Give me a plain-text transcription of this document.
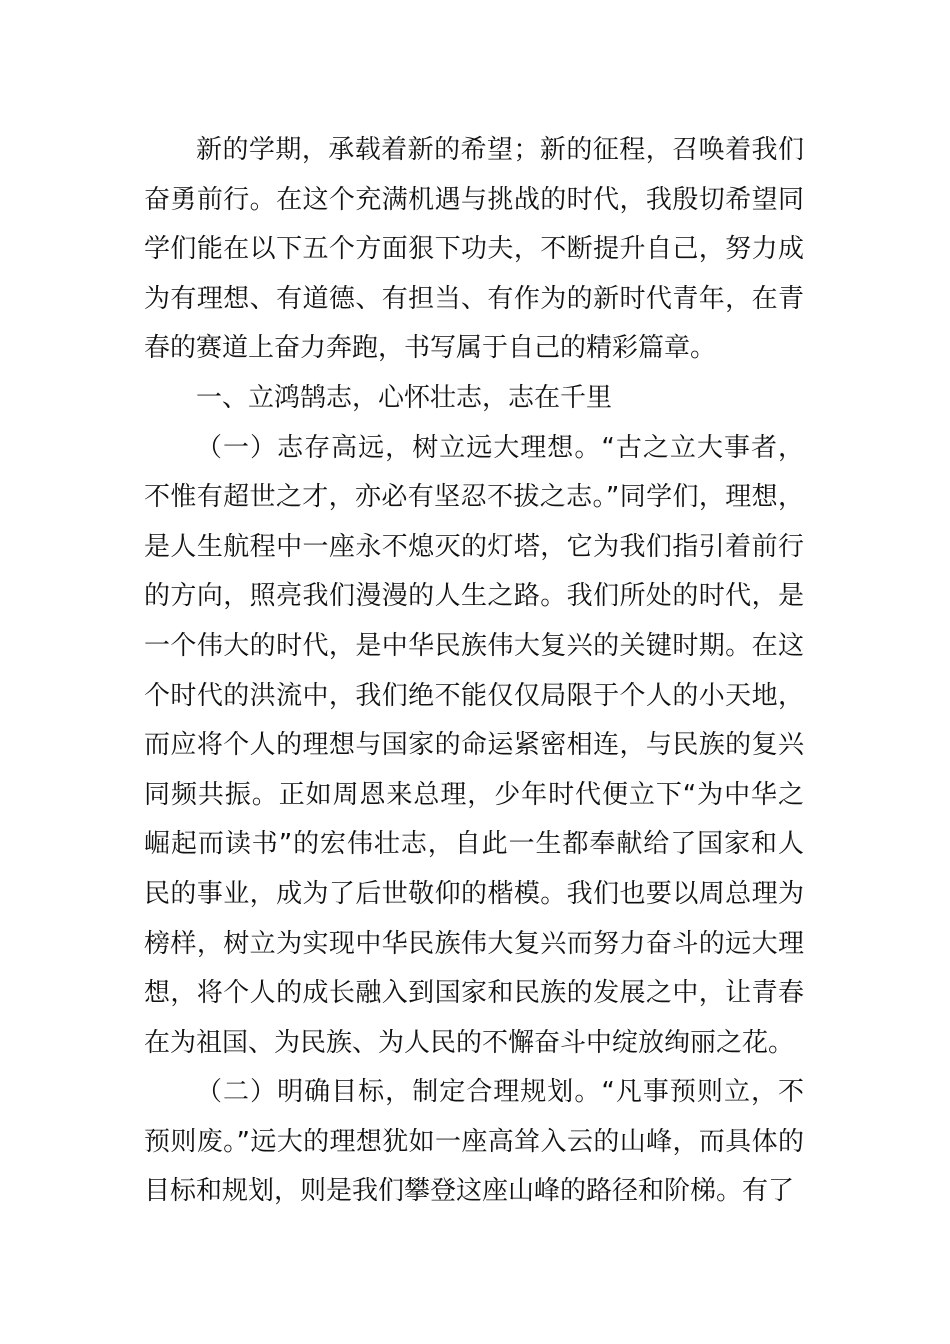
新的学期，承载着新的希望；新的征程，召唤着我们奋勇前行。在这个充满机遇与挑战的时代，我殷切希望同学们能在以下五个方面狠下功夫，不断提升自己，努力成为有理想、有道德、有担当、有作为的新时代青年，在青春的赛道上奋力奔跑，书写属于自己的精彩篇章。

一、立鸿鹄志，心怀壮志，志在千里

（一）志存高远，树立远大理想。“古之立大事者，不惟有超世之才，亦必有坚忍不拔之志。”同学们，理想，是人生航程中一座永不熄灭的灯塔，它为我们指引着前行的方向，照亮我们漫漫的人生之路。我们所处的时代，是一个伟大的时代，是中华民族伟大复兴的关键时期。在这个时代的洪流中，我们绝不能仅仅局限于个人的小天地，而应将个人的理想与国家的命运紧密相连，与民族的复兴同频共振。正如周恩来总理，少年时代便立下“为中华之崛起而读书”的宏伟壮志，自此一生都奉献给了国家和人民的事业，成为了后世敬仰的楷模。我们也要以周总理为榜样，树立为实现中华民族伟大复兴而努力奋斗的远大理想，将个人的成长融入到国家和民族的发展之中，让青春在为祖国、为民族、为人民的不懈奋斗中绽放绚丽之花。

（二）明确目标，制定合理规划。“凡事预则立，不预则废。”远大的理想犹如一座高耸入云的山峰，而具体的目标和规划，则是我们攀登这座山峰的路径和阶梯。有了
